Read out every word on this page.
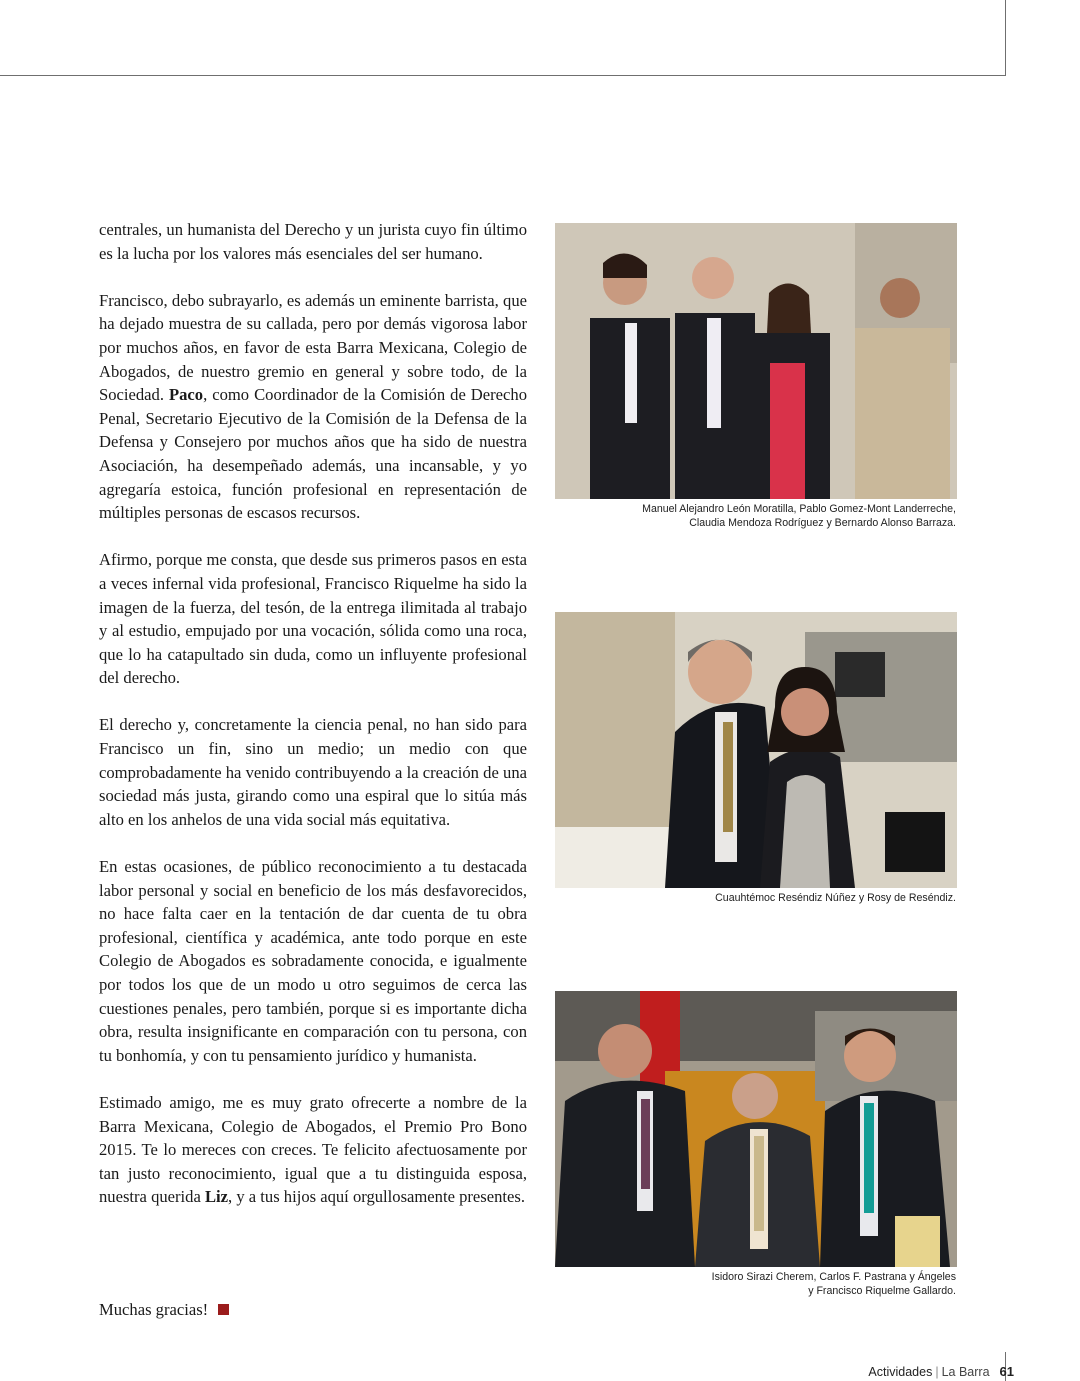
centrales, un humanista del Derecho y un jurista cuyo fin último es la lucha por los valores más esenciales del ser humano.

Francisco, debo subrayarlo, es además un eminente barrista, que ha dejado muestra de su callada, pero por demás vigorosa labor por muchos años, en favor de esta Barra Mexicana, Colegio de Abogados, de nuestro gremio en general y sobre todo, de la Sociedad. Paco, como Coordinador de la Comisión de Derecho Penal, Secretario Ejecutivo de la Comisión de la Defensa de la Defensa y Consejero por muchos años que ha sido de nuestra Asociación, ha desempeñado además, una incansable, y yo agregaría estoica, función profesional en representación de múltiples personas de escasos recursos.

Afirmo, porque me consta, que desde sus primeros pasos en esta a veces infernal vida profesional, Francisco Riquelme ha sido la imagen de la fuerza, del tesón, de la entrega ilimitada al trabajo y al estudio, empujado por una vocación, sólida como una roca, que lo ha catapultado sin duda, como un influyente profesional del derecho.

El derecho y, concretamente la ciencia penal, no han sido para Francisco un fin, sino un medio; un medio con que comprobadamente ha venido contribuyendo a la creación de una sociedad más justa, girando como una espiral que lo sitúa más alto en los anhelos de una vida social más equitativa.

En estas ocasiones, de público reconocimiento a tu destacada labor personal y social en beneficio de los más desfavorecidos, no hace falta caer en la tentación de dar cuenta de tu obra profesional, científica y académica, ante todo porque en este Colegio de Abogados es sobradamente conocida, e igualmente por todos los que de un modo u otro seguimos de cerca las cuestiones penales, pero también, porque si es importante dicha obra, resulta insignificante en comparación con tu persona, con tu bonhomía, y con tu pensamiento jurídico y humanista.

Estimado amigo, me es muy grato ofrecerte a nombre de la Barra Mexicana, Colegio de Abogados, el Premio Pro Bono 2015. Te lo mereces con creces. Te felicito afectuosamente por tan justo reconocimiento, igual que a tu distinguida esposa, nuestra querida Liz, y a tus hijos aquí orgullosamente presentes.

Muchas gracias!
Manuel Alejandro León Moratilla, Pablo Gomez-Mont Landerreche,
Claudia Mendoza Rodríguez y Bernardo Alonso Barraza.
Cuauhtémoc Reséndiz Núñez y Rosy de Reséndiz.
Isidoro Sirazi Cherem, Carlos F. Pastrana y Ángeles
y Francisco Riquelme Gallardo.
Actividades | La Barra 61
